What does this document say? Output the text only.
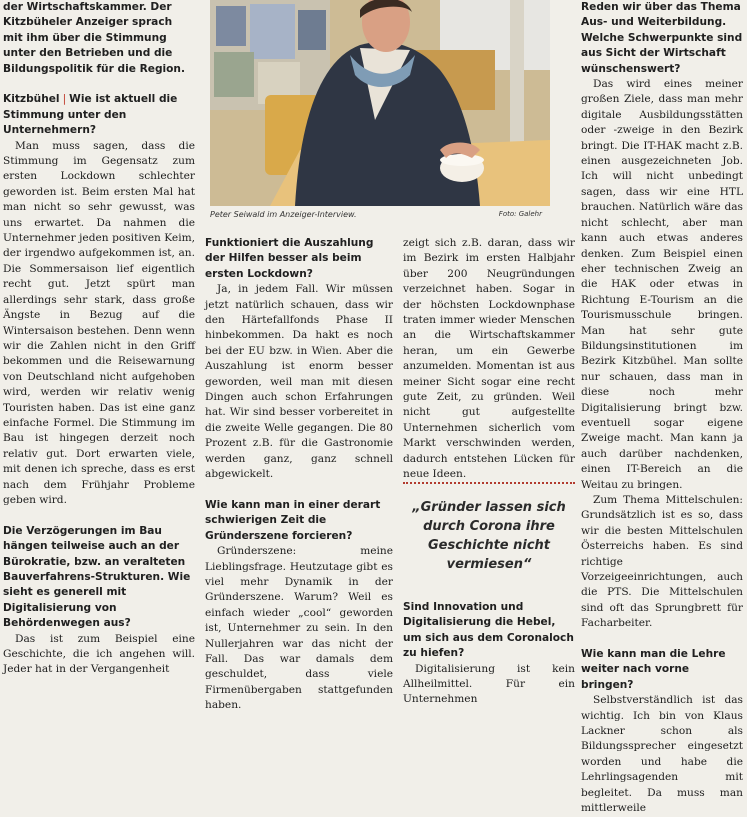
der Wirtschaftskammer. Der Kitzbüheler Anzeiger sprach mit ihm über die Stimmung unter den Betrieben und die Bildungspolitik für die Region.

Kitzbühel | Wie ist aktuell die Stimmung unter den Unternehmern?

Man muss sagen, dass die Stimmung im Gegensatz zum ersten Lockdown schlechter geworden ist. Beim ersten Mal hat man nicht so sehr gewusst, was uns erwartet. Da nahmen die Unternehmer jeden positiven Keim, der irgendwo aufgekommen ist, an. Die Sommersaison lief eigentlich recht gut. Jetzt spürt man allerdings sehr stark, dass große Ängste in Bezug auf die Wintersaison bestehen. Denn wenn wir die Zahlen nicht in den Griff bekommen und die Reisewarnung von Deutschland nicht aufgehoben wird, werden wir relativ wenig Touristen haben. Das ist eine ganz einfache Formel. Die Stimmung im Bau ist hingegen derzeit noch relativ gut. Dort erwarten viele, mit denen ich spreche, dass es erst nach dem Frühjahr Probleme geben wird.

Die Verzögerungen im Bau hängen teilweise auch an der Bürokratie, bzw. an veralteten Bauverfahrens-Strukturen. Wie sieht es generell mit Digitalisierung von Behördenwegen aus?

Das ist zum Beispiel eine Geschichte, die ich angehen will. Jeder hat in der Vergangenheit

Peter Seiwald im Anzeiger-Interview.	Foto: Galehr

Funktioniert die Auszahlung der Hilfen besser als beim ersten Lockdown?

Ja, in jedem Fall. Wir müssen jetzt natürlich schauen, dass wir den Härtefallfonds Phase II hinbekommen. Da hakt es noch bei der EU bzw. in Wien. Aber die Auszahlung ist enorm besser geworden, weil man mit diesen Dingen auch schon Erfahrungen hat. Wir sind besser vorbereitet in die zweite Welle gegangen. Die 80 Prozent z.B. für die Gastronomie werden ganz, ganz schnell abgewickelt.

Wie kann man in einer derart schwierigen Zeit die Gründerszene forcieren?

Gründerszene: meine Lieblingsfrage. Heutzutage gibt es viel mehr Dynamik in der Gründerszene. Warum? Weil es einfach wieder „cool“ geworden ist, Unternehmer zu sein. In den Nullerjahren war das nicht der Fall. Das war damals dem geschuldet, dass viele Firmenübergaben stattgefunden haben.

zeigt sich z.B. daran, dass wir im Bezirk im ersten Halbjahr über 200 Neugründungen verzeichnet haben. Sogar in der höchsten Lockdownphase traten immer wieder Menschen an die Wirtschaftskammer heran, um ein Gewerbe anzumelden. Momentan ist aus meiner Sicht sogar eine recht gute Zeit, zu gründen. Weil nicht gut aufgestellte Unternehmen sicherlich vom Markt verschwinden werden, dadurch entstehen Lücken für neue Ideen.

„Gründer lassen sich durch Corona ihre Geschichte nicht vermiesen“

Sind Innovation und Digitalisierung die Hebel, um sich aus dem Coronaloch zu hiefen?

Digitalisierung ist kein Allheilmittel. Für ein Unternehmen

Reden wir über das Thema Aus- und Weiterbildung. Welche Schwerpunkte sind aus Sicht der Wirtschaft wünschenswert?

Das wird eines meiner großen Ziele, dass man mehr digitale Ausbildungsstätten oder -zweige in den Bezirk bringt. Die IT-HAK macht z.B. einen ausgezeichneten Job. Ich will nicht unbedingt sagen, dass wir eine HTL brauchen. Natürlich wäre das nicht schlecht, aber man kann auch etwas anderes denken. Zum Beispiel einen eher technischen Zweig an die HAK oder etwas in Richtung E-Tourism an die Tourismusschule bringen. Man hat sehr gute Bildungsinstitutionen im Bezirk Kitzbühel. Man sollte nur schauen, dass man in diese noch mehr Digitalisierung bringt bzw. eventuell sogar eigene Zweige macht. Man kann ja auch darüber nachdenken, einen IT-Bereich an die Weitau zu bringen.

Zum Thema Mittelschulen: Grundsätzlich ist es so, dass wir die besten Mittelschulen Österreichs haben. Es sind richtige Vorzeigeeinrichtungen, auch die PTS. Die Mittelschulen sind oft das Sprungbrett für Facharbeiter.

Wie kann man die Lehre weiter nach vorne bringen?

Selbstverständlich ist das wichtig. Ich bin von Klaus Lackner schon als Bildungssprecher eingesetzt worden und habe die Lehrlingsagenden mit begleitet. Da muss man mittlerweile
